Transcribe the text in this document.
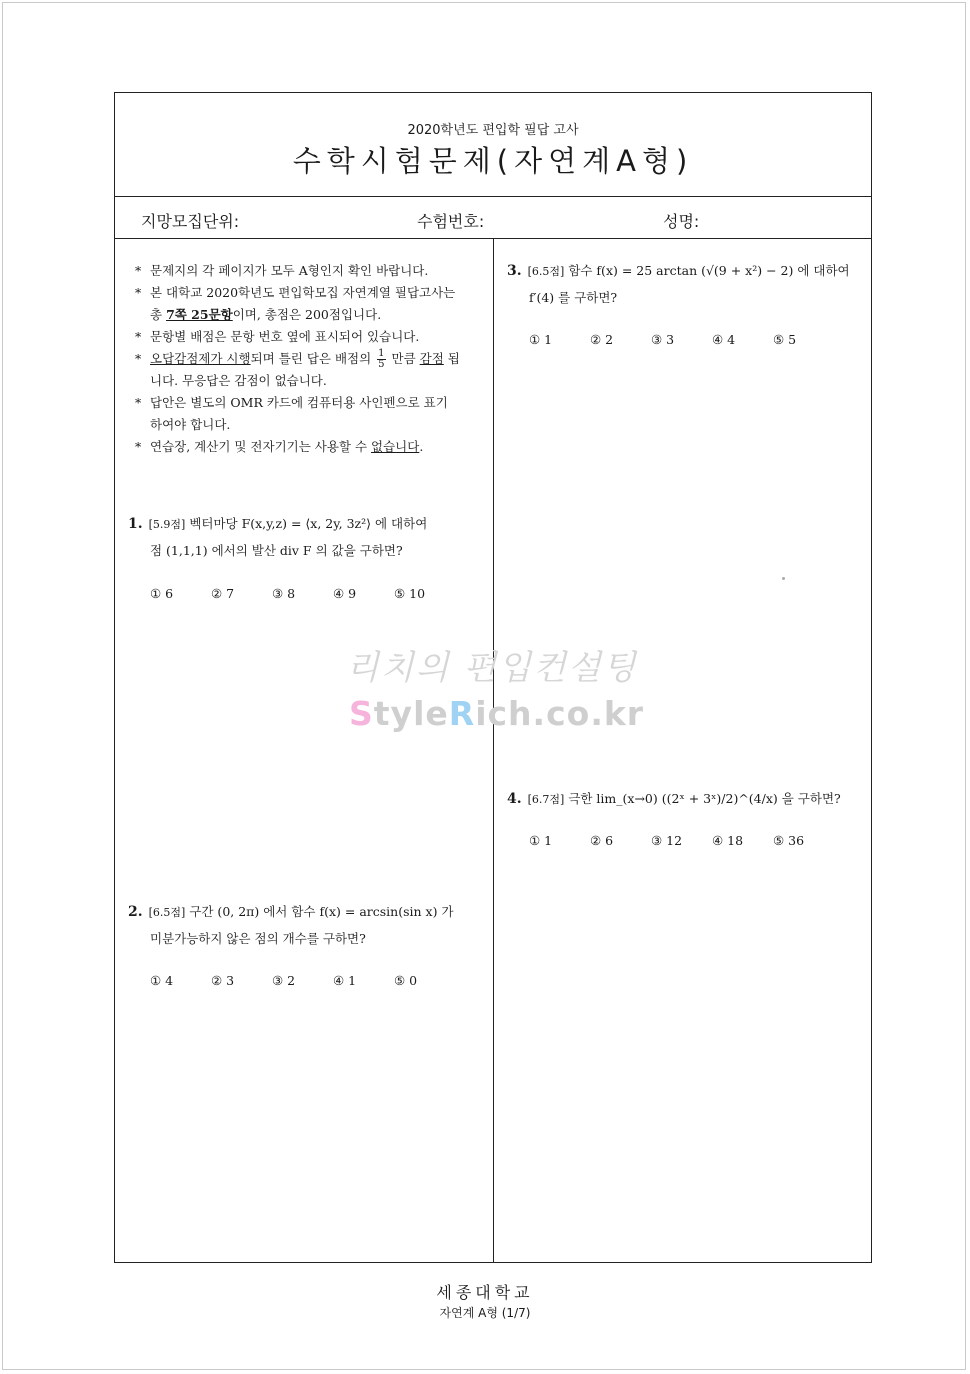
2020학년도 편입학 필답 고사
수학시험문제(자연계A형)
지망모집단위:	수험번호:	성명:
* 문제지의 각 페이지가 모두 A형인지 확인 바랍니다.
* 본 대학교 2020학년도 편입학모집 자연계열 필답고사는
총 7쪽 25문항이며, 총점은 200점입니다.
* 문항별 배점은 문항 번호 옆에 표시되어 있습니다.
* 오답감점제가 시행되며 틀린 답은 배점의 $\frac{1}{5}$ 만큼 감점 됩
니다. 무응답은 감점이 없습니다.
* 답안은 별도의 OMR 카드에 컴퓨터용 사인펜으로 표기
하여야 합니다.
* 연습장, 계산기 및 전자기기는 사용할 수 없습니다.
1. [5.9점] 벡터마당 F(x,y,z) = ⟨x, 2y, 3z²⟩ 에 대하여
점 (1,1,1) 에서의 발산 div F 의 값을 구하면?
① 6	② 7	③ 8	④ 9	⑤ 10
2. [6.5점] 구간 (0, 2π) 에서 함수 f(x) = arcsin(sin x) 가
미분가능하지 않은 점의 개수를 구하면?
① 4	② 3	③ 2	④ 1	⑤ 0
3. [6.5점] 함수 f(x) = 25 arctan (√(9 + x²) − 2) 에 대하여
f′(4) 를 구하면?
① 1	② 2	③ 3	④ 4	⑤ 5
4. [6.7점] 극한 lim_(x→0) ((2ˣ + 3ˣ)/2)^(4/x) 을 구하면?
① 1	② 6	③ 12 ④ 18 ⑤ 36
리치의 편입컨설팅
StyleRich.co.kr
세종대학교
자연계 A형 (1/7)
